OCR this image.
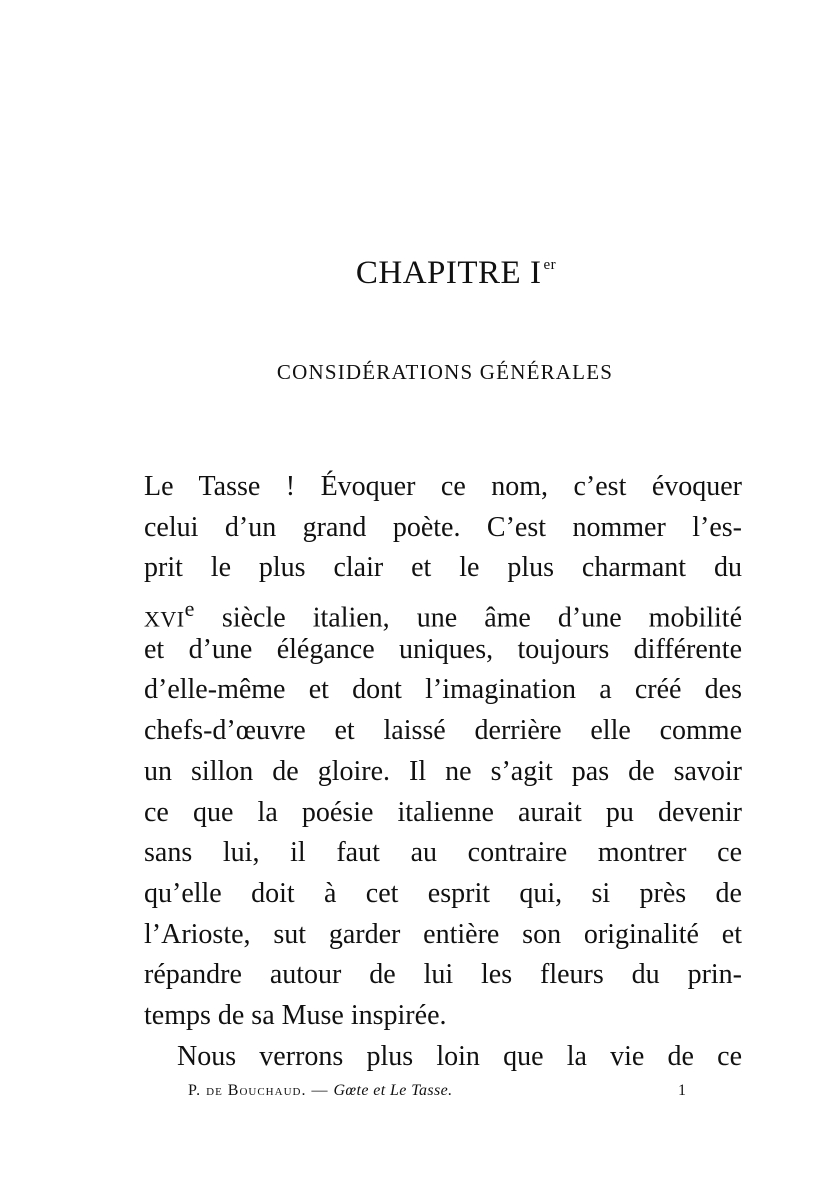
CHAPITRE I $^{er}$
CONSIDÉRATIONS GÉNÉRALES
Le Tasse ! Évoquer ce nom, c’est évoquer
celui d’un grand poète. C’est nommer l’es-
prit le plus clair et le plus charmant du
XVIe siècle italien, une âme d’une mobilité
et d’une élégance uniques, toujours différente
d’elle-même et dont l’imagination a créé des
chefs-d’œuvre et laissé derrière elle comme
un sillon de gloire. Il ne s’agit pas de savoir
ce que la poésie italienne aurait pu devenir
sans lui, il faut au contraire montrer ce
qu’elle doit à cet esprit qui, si près de
l’Arioste, sut garder entière son originalité et
répandre autour de lui les fleurs du prin-
temps de sa Muse inspirée.
Nous verrons plus loin que la vie de ce
P. de Bouchaud. — Gœte et Le Tasse.	1
